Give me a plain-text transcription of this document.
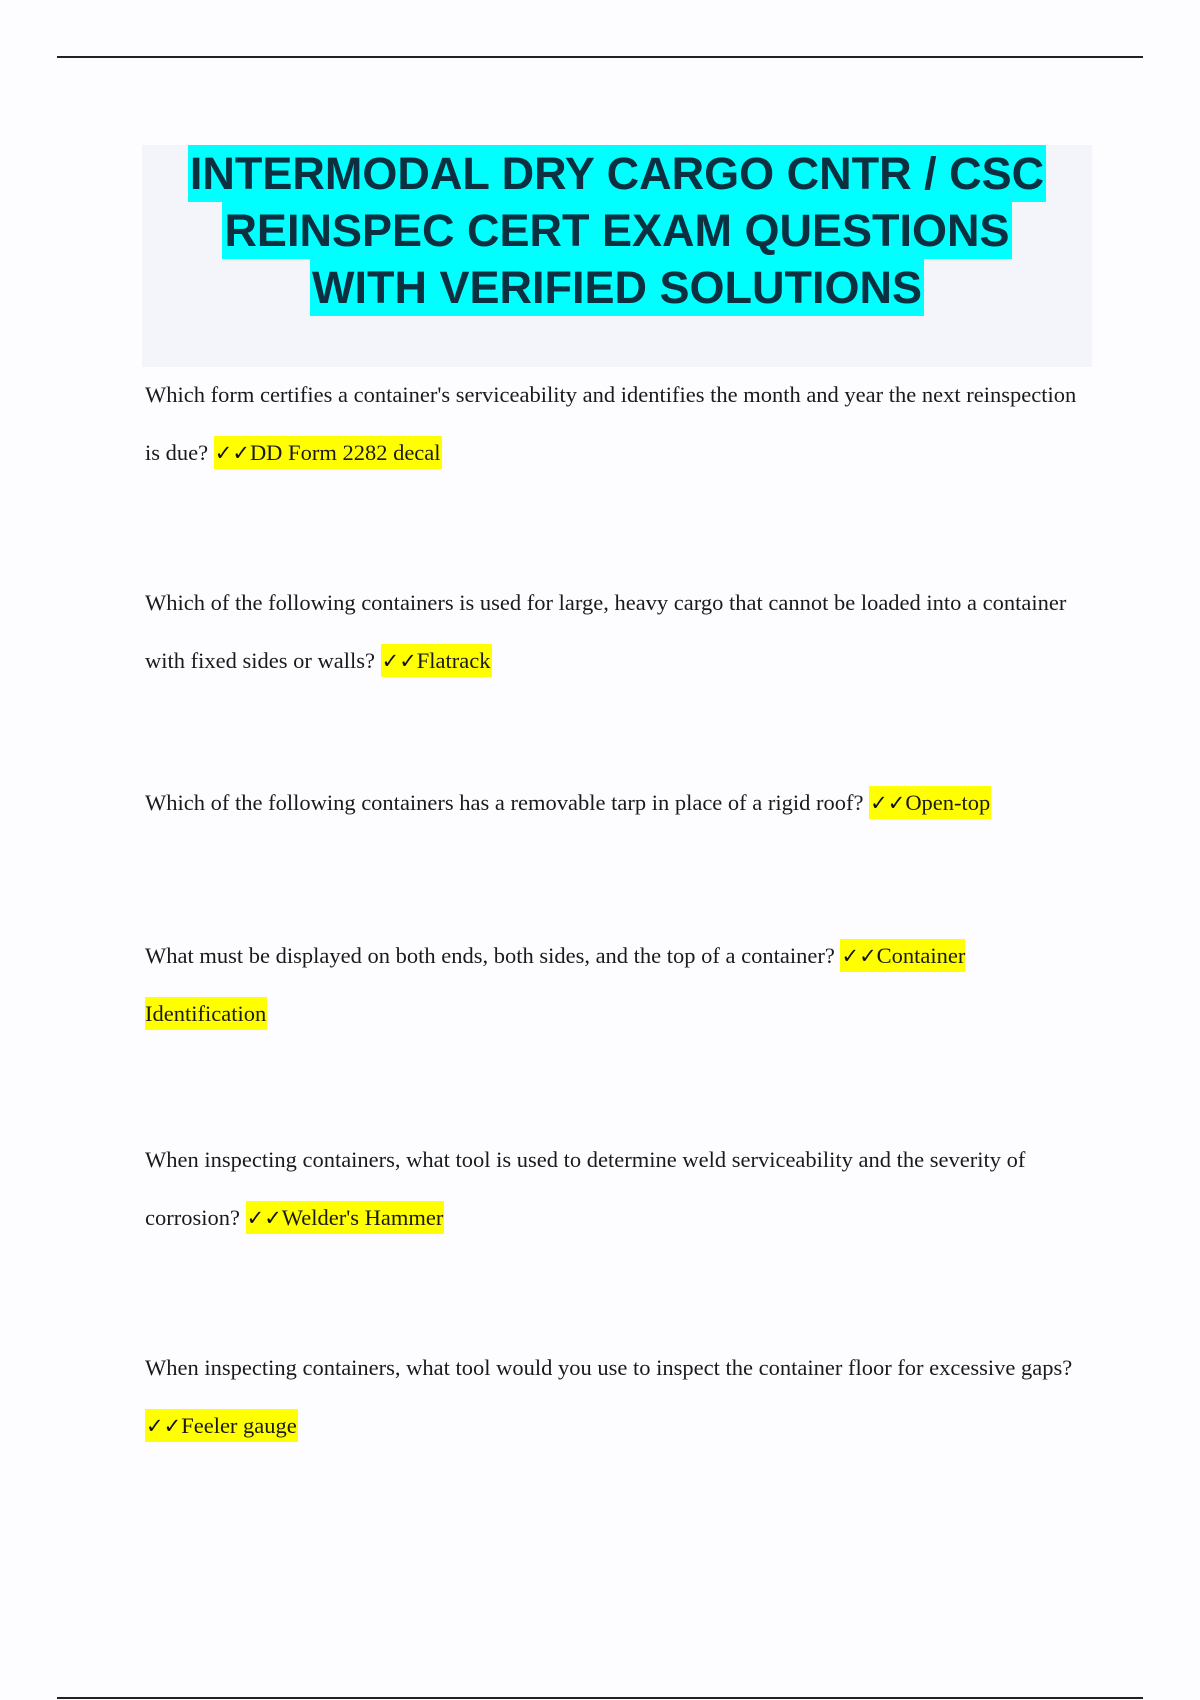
INTERMODAL DRY CARGO CNTR / CSC
REINSPEC CERT EXAM QUESTIONS
WITH VERIFIED SOLUTIONS
Which form certifies a container's serviceability and identifies the month and year the next reinspection is due? ✓✓DD Form 2282 decal
Which of the following containers is used for large, heavy cargo that cannot be loaded into a container with fixed sides or walls? ✓✓Flatrack
Which of the following containers has a removable tarp in place of a rigid roof? ✓✓Open-top
What must be displayed on both ends, both sides, and the top of a container? ✓✓Container Identification
When inspecting containers, what tool is used to determine weld serviceability and the severity of corrosion? ✓✓Welder's Hammer
When inspecting containers, what tool would you use to inspect the container floor for excessive gaps? ✓✓Feeler gauge
